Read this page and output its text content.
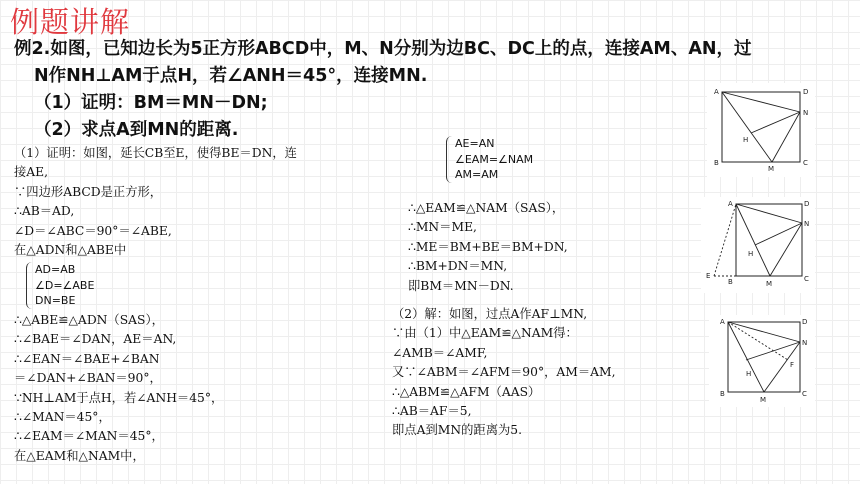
例题讲解
例2.如图，已知边长为5正方形ABCD中，M、N分别为边BC、DC上的点，连接AM、AN，过
N作NH⊥AM于点H，若∠ANH＝45°，连接MN.
（1）证明：BM＝MN－DN;
（2）求点A到MN的距离.
（1）证明：如图，延长CB至E，使得BE＝DN，连
接AE,
∵四边形ABCD是正方形，
∴AB＝AD,
∠D＝∠ABC＝90°＝∠ABE,
在△ADN和△ABE中
AD=AB
∠D=∠ABE
DN=BE
∴△ABE≌△ADN（SAS），
∴∠BAE＝∠DAN，AE＝AN,
∴∠EAN＝∠BAE+∠BAN
＝∠DAN+∠BAN＝90°，
∵NH⊥AM于点H，若∠ANH＝45°，
∴∠MAN＝45°，
∴∠EAM＝∠MAN＝45°，
在△EAM和△NAM中，
AE=AN
∠EAM=∠NAM
AM=AM
∴△EAM≌△NAM（SAS），
∴MN＝ME,
∴ME＝BM+BE＝BM+DN,
∴BM+DN＝MN,
即BM＝MN－DN.
（2）解：如图，过点A作AF⊥MN,
∵由（1）中△EAM≌△NAM得：
∠AMB＝∠AMF,
又∵∠ABM＝∠AFM＝90°，AM＝AM,
∴△ABM≌△AFM（AAS）
∴AB＝AF＝5,
即点A到MN的距离为5.
A	D
N
H
B
M
C
A	D
N
H
E
B	M
C
A	D
N
F
H
B
M
C
